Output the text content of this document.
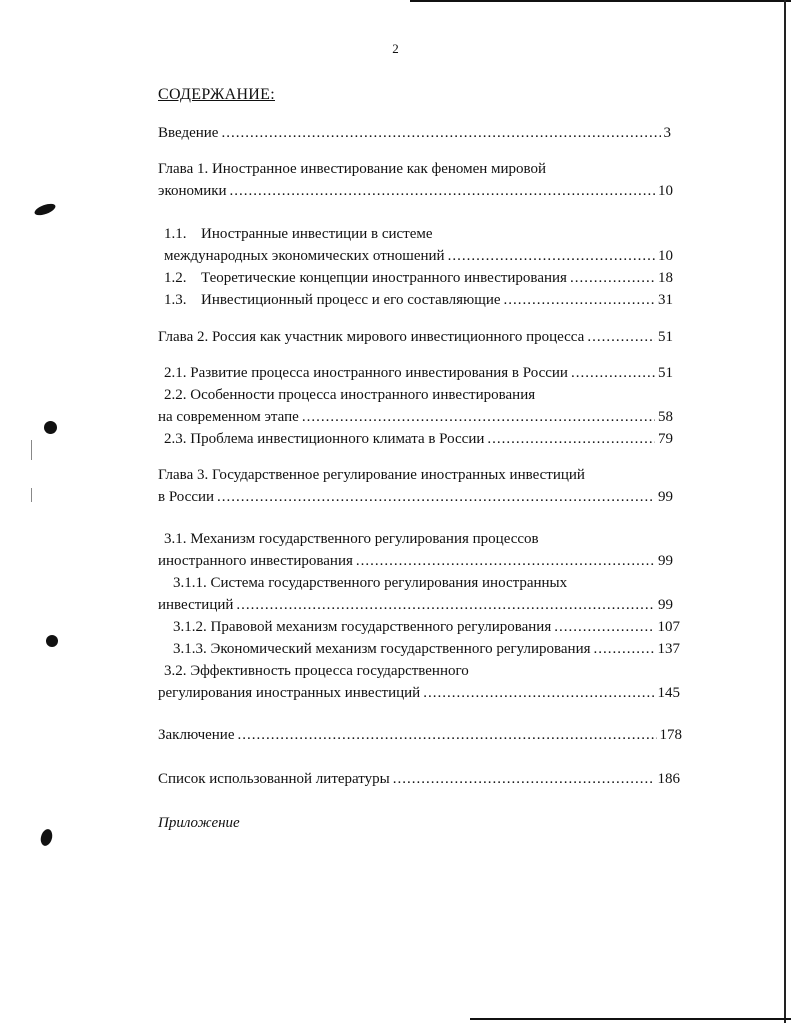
2
СОДЕРЖАНИЕ:
Введение .....	3
Глава 1. Иностранное инвестирование как феномен мировой
экономики .....	10
1.1. Иностранные инвестиции в системе
международных экономических отношений .....	10
1.2. Теоретические концепции иностранного инвестирования .....	18
1.3. Инвестиционный процесс и его составляющие .....	31
Глава 2. Россия как участник мирового инвестиционного процесса .....	51
2.1. Развитие процесса иностранного инвестирования в России .....	51
2.2. Особенности процесса иностранного инвестирования
на современном этапе .....	58
2.3. Проблема инвестиционного климата в России .....	79
Глава 3. Государственное регулирование иностранных инвестиций
в России .....	99
3.1. Механизм государственного регулирования процессов
иностранного инвестирования .....	99
3.1.1. Система государственного регулирования иностранных
инвестиций .....	99
3.1.2. Правовой механизм государственного регулирования .....	107
3.1.3. Экономический механизм государственного регулирования .....	137
3.2. Эффективность процесса государственного
регулирования иностранных инвестиций .....	145
Заключение .....	178
Список использованной литературы .....	186
Приложение
